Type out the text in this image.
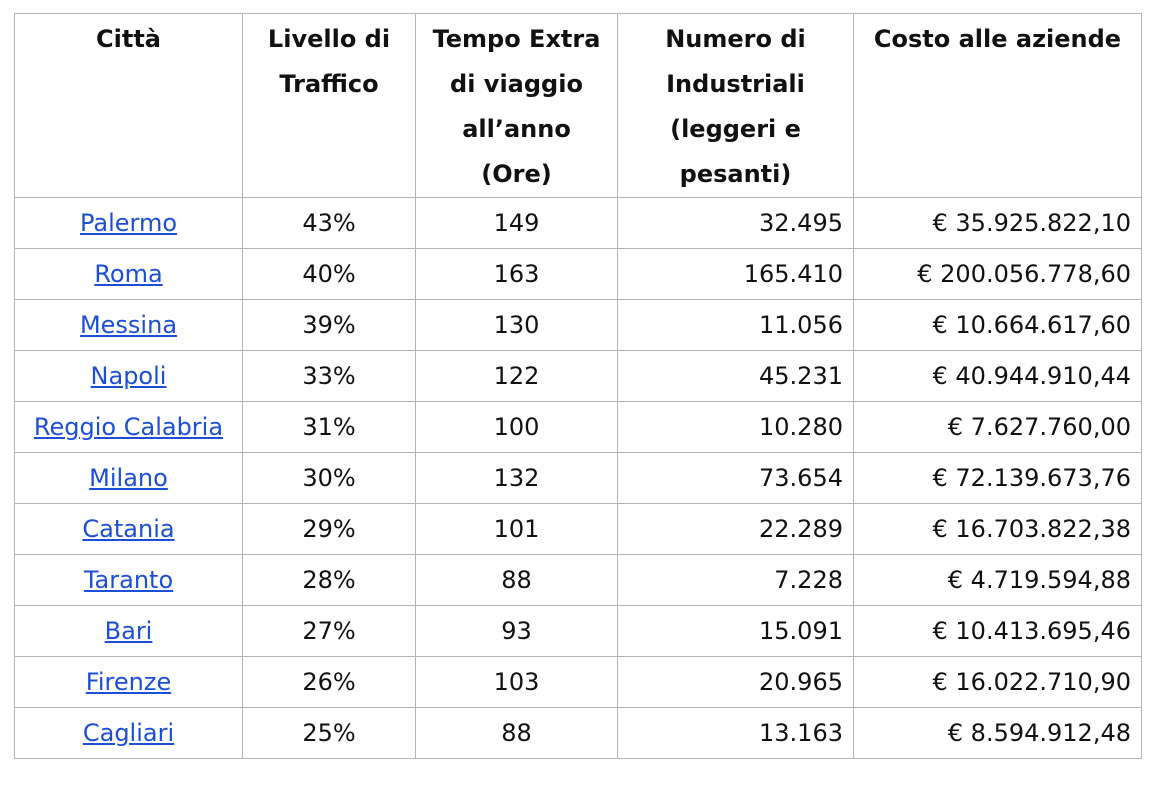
Città	Livello di Traffico	Tempo Extra di viaggio all’anno (Ore)	Numero di Industriali (leggeri e pesanti)	Costo alle aziende
Palermo	43%	149	32.495	€ 35.925.822,10
Roma	40%	163	165.410	€ 200.056.778,60
Messina	39%	130	11.056	€ 10.664.617,60
Napoli	33%	122	45.231	€ 40.944.910,44
Reggio Calabria	31%	100	10.280	€ 7.627.760,00
Milano	30%	132	73.654	€ 72.139.673,76
Catania	29%	101	22.289	€ 16.703.822,38
Taranto	28%	88	7.228	€ 4.719.594,88
Bari	27%	93	15.091	€ 10.413.695,46
Firenze	26%	103	20.965	€ 16.022.710,90
Cagliari	25%	88	13.163	€ 8.594.912,48
